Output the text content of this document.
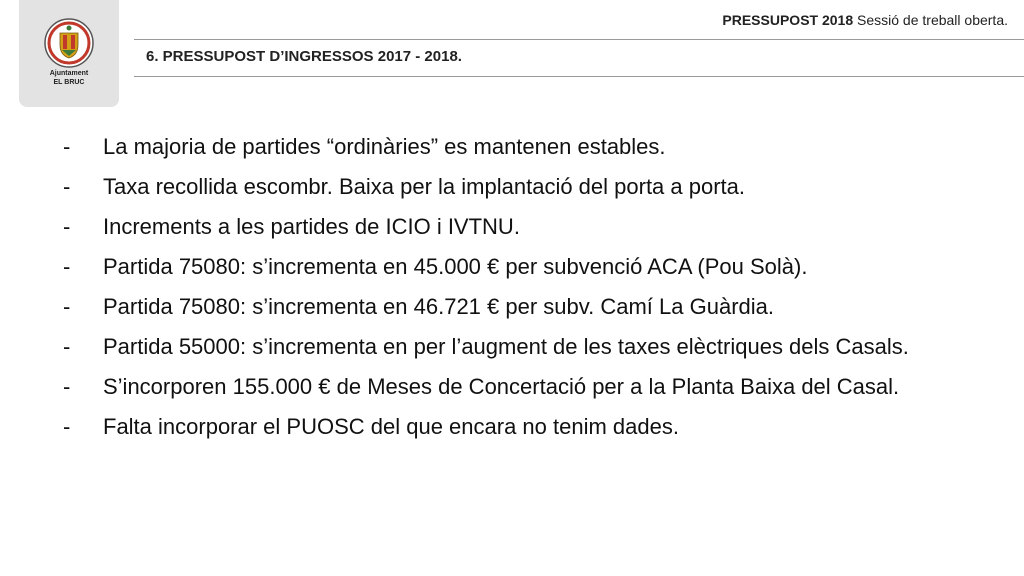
Ajuntament
EL BRUC
PRESSUPOST 2018 Sessió de treball oberta.
6. PRESSUPOST D’INGRESSOS 2017 - 2018.
- La majoria de partides “ordinàries” es mantenen estables.
- Taxa recollida escombr. Baixa per la implantació del porta a porta.
- Increments a les partides de ICIO i IVTNU.
- Partida 75080: s’incrementa en 45.000 € per subvenció ACA (Pou Solà).
- Partida 75080: s’incrementa en 46.721 € per subv. Camí La Guàrdia.
- Partida 55000: s’incrementa en per l’augment de les taxes elèctriques dels Casals.
- S’incorporen 155.000 € de Meses de Concertació per a la Planta Baixa del Casal.
- Falta incorporar el PUOSC del que encara no tenim dades.
